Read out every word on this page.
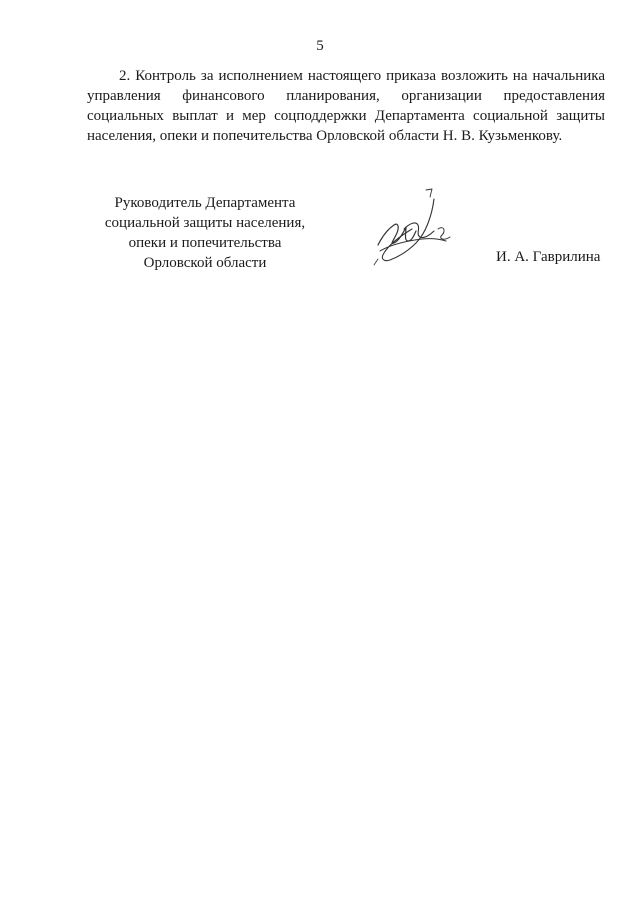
5
2. Контроль за исполнением настоящего приказа возложить на начальника
управления финансового планирования, организации предоставления
социальных выплат и мер соцподдержки Департамента социальной защиты
населения, опеки и попечительства Орловской области Н. В. Кузьменкову.
Руководитель Департамента
социальной защиты населения,
опеки и попечительства
Орловской области	И. А. Гаврилина
